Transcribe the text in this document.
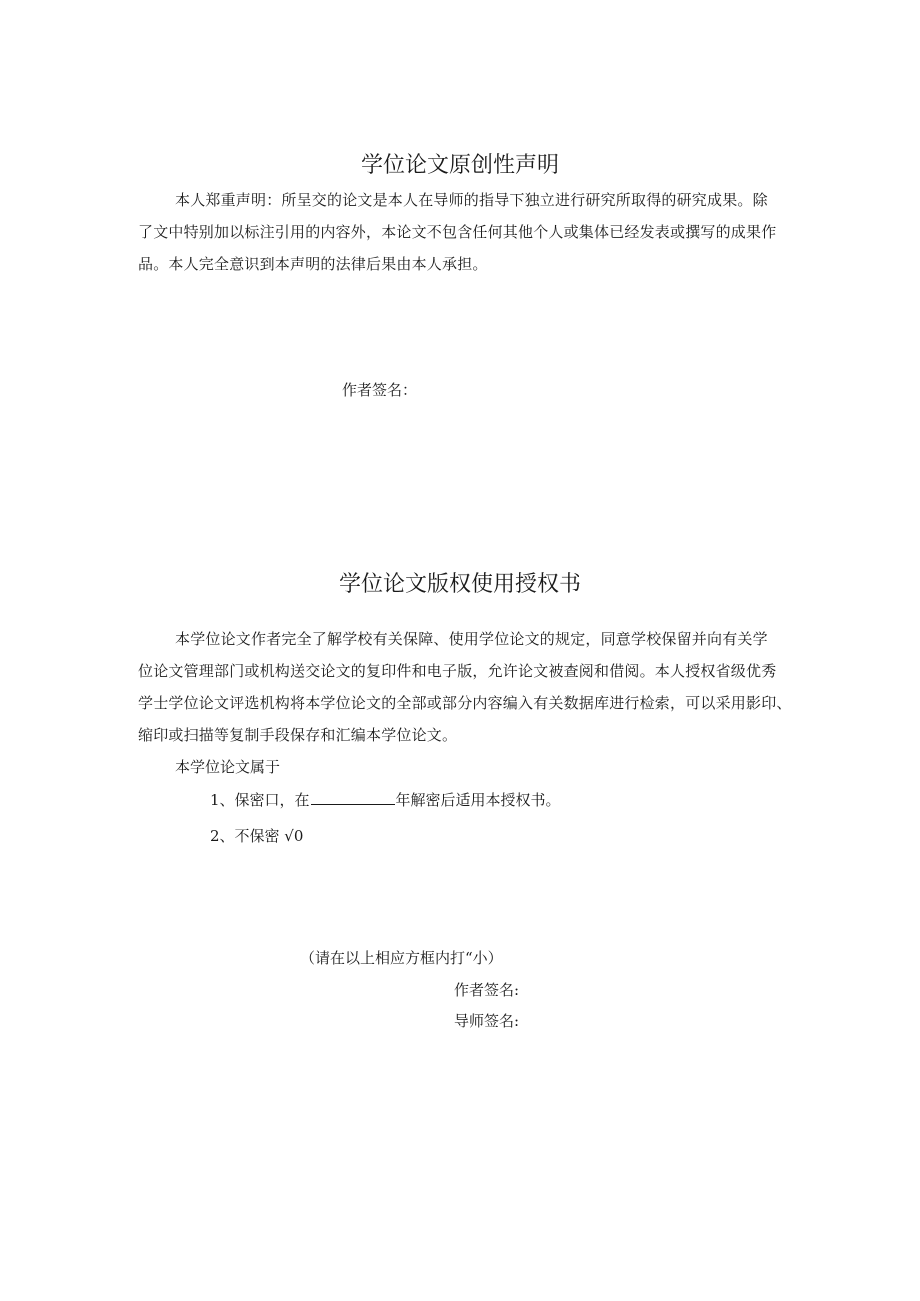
学位论文原创性声明
本人郑重声明：所呈交的论文是本人在导师的指导下独立进行研究所取得的研究成果。除
了文中特别加以标注引用的内容外，本论文不包含任何其他个人或集体已经发表或撰写的成果作
品。本人完全意识到本声明的法律后果由本人承担。
作者签名：
学位论文版权使用授权书
本学位论文作者完全了解学校有关保障、使用学位论文的规定，同意学校保留并向有关学
位论文管理部门或机构送交论文的复印件和电子版，允许论文被查阅和借阅。本人授权省级优秀
学士学位论文评选机构将本学位论文的全部或部分内容编入有关数据库进行检索，可以采用影印、
缩印或扫描等复制手段保存和汇编本学位论文。
本学位论文属于
1、保密口，在	年解密后适用本授权书。
2、不保密 √0
（请在以上相应方框内打“小）
作者签名:
导师签名:
